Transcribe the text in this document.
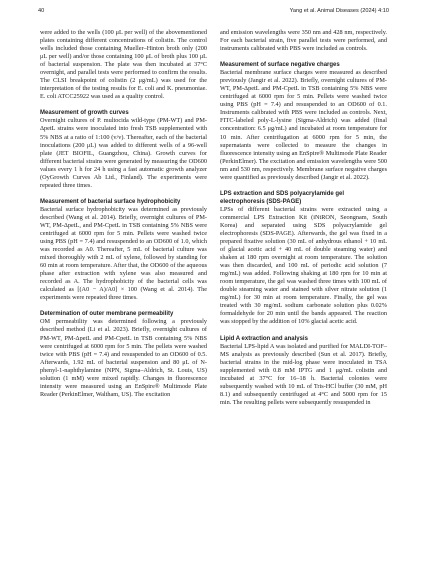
40	Yang et al. Animal Diseases (2024) 4:10

were added to the wells (100 μL per well) of the abovementioned plates containing different concentrations of colistin. The control wells included those containing Mueller–Hinton broth only (200 μL per well) and/or those containing 100 μL of broth plus 100 μL of bacterial suspension. The plate was then incubated at 37°C overnight, and parallel tests were performed to confirm the results. The CLSI breakpoint of colistin (2 μg/mL) was used for the interpretation of the testing results for E. coli and K. pneumoniae. E. coli ATCC25922 was used as a quality control.

Measurement of growth curves

Overnight cultures of P. multocida wild-type (PM-WT) and PM-ΔpetL strains were inoculated into fresh TSB supplemented with 5% NBS at a ratio of 1:100 (v/v). Thereafter, each of the bacterial inoculations (200 μL) was added to different wells of a 96-well plate (JET BIOFIL, Guangzhou, China). Growth curves for different bacterial strains were generated by measuring the OD600 values every 1 h for 24 h using a fast automatic growth analyzer (OyGrowth Curves Ab Ltd., Finland). The experiments were repeated three times.

Measurement of bacterial surface hydrophobicity

Bacterial surface hydrophobicity was determined as previously described (Wang et al. 2014). Briefly, overnight cultures of PM-WT, PM-ΔpetL, and PM-CpetL in TSB containing 5% NBS were centrifuged at 6000 rpm for 5 min. Pellets were washed twice using PBS (pH = 7.4) and resuspended to an OD600 of 1.0, which was recorded as A0. Thereafter, 5 mL of bacterial culture was mixed thoroughly with 2 mL of xylene, followed by standing for 60 min at room temperature. After that, the OD600 of the aqueous phase after extraction with xylene was also measured and recorded as A. The hydrophobicity of the bacterial cells was calculated as [(A0 − A)/A0] × 100 (Wang et al. 2014). The experiments were repeated three times.

Determination of outer membrane permeability

OM permeability was determined following a previously described method (Li et al. 2023). Briefly, overnight cultures of PM-WT, PM-ΔpetL and PM-CpetL in TSB containing 5% NBS were centrifuged at 6000 rpm for 5 min. The pellets were washed twice with PBS (pH = 7.4) and resuspended to an OD600 of 0.5. Afterwards, 1.92 mL of bacterial suspension and 80 μL of N-phenyl-1-naphthylamine (NPN, Sigma–Aldrich, St. Louis, US) solution (1 mM) were mixed rapidly. Changes in fluorescence intensity were measured using an EnSpire® Multimode Plate Reader (PerkinElmer, Waltham, US). The excitation

and emission wavelengths were 350 nm and 428 nm, respectively. For each bacterial strain, five parallel tests were performed, and instruments calibrated with PBS were included as controls.

Measurement of surface negative charges

Bacterial membrane surface charges were measured as described previously (Jangir et al. 2022). Briefly, overnight cultures of PM-WT, PM-ΔpetL and PM-CpetL in TSB containing 5% NBS were centrifuged at 6000 rpm for 5 min. Pellets were washed twice using PBS (pH = 7.4) and resuspended to an OD600 of 0.1. Instruments calibrated with PBS were included as controls. Next, FITC-labeled poly-L-lysine (Sigma-Aldrich) was added (final concentration: 6.5 μg/mL) and incubated at room temperature for 10 min. After centrifugation at 6000 rpm for 5 min, the supernatants were collected to measure the changes in fluorescence intensity using an EnSpire® Multimode Plate Reader (PerkinElmer). The excitation and emission wavelengths were 500 nm and 530 nm, respectively. Membrane surface negative charges were quantified as previously described (Jangir et al. 2022).

LPS extraction and SDS polyacrylamide gel electrophoresis (SDS-PAGE)

LPSs of different bacterial strains were extracted using a commercial LPS Extraction Kit (iNtRON, Seongnam, South Korea) and separated using SDS polyacrylamide gel electrophoresis (SDS-PAGE). Afterwards, the gel was fixed in a prepared fixative solution (30 mL of anhydrous ethanol + 10 mL of glacial acetic acid + 40 mL of double steaming water) and shaken at 180 rpm overnight at room temperature. The solution was then discarded, and 100 mL of periodic acid solution (7 mg/mL) was added. Following shaking at 180 rpm for 10 min at room temperature, the gel was washed three times with 100 mL of double steaming water and stained with silver nitrate solution (1 mg/mL) for 30 min at room temperature. Finally, the gel was treated with 30 mg/mL sodium carbonate solution plus 0.02% formaldehyde for 20 min until the bands appeared. The reaction was stopped by the addition of 10% glacial acetic acid.

Lipid A extraction and analysis

Bacterial LPS-lipid A was isolated and purified for MALDI-TOF–MS analysis as previously described (Sun et al. 2017). Briefly, bacterial strains in the mid-log phase were inoculated in TSA supplemented with 0.8 mM IPTG and 1 μg/mL colistin and incubated at 37°C for 16–18 h. Bacterial colonies were subsequently washed with 10 mL of Tris-HCl buffer (30 mM, pH 8.1) and subsequently centrifuged at 4°C and 5000 rpm for 15 min. The resulting pellets were subsequently resuspended in
